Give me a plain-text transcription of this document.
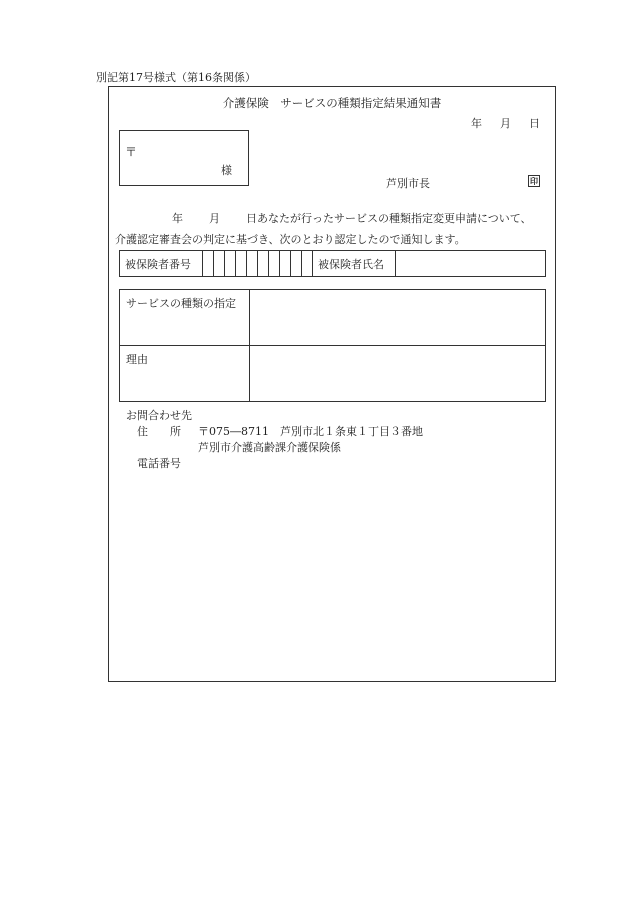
別記第17号様式（第16条関係）
介護保険　サービスの種類指定結果通知書
年 月 日
〒
様
芦別市長	印
年 月 日あなたが行ったサービスの種類指定変更申請について、
介護認定審査会の判定に基づき、次のとおり認定したので通知します。
被保険者番号	被保険者氏名
サービスの種類の指定
理由
お問合わせ先
住 所 〒075―8711　芦別市北１条東１丁目３番地
芦別市介護高齢課介護保険係
電話番号
